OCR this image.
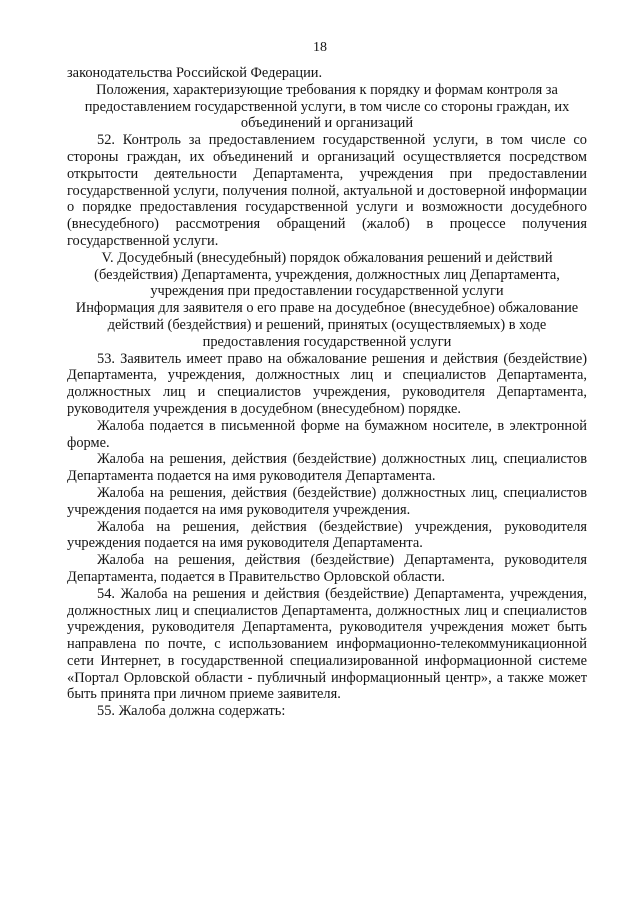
18

законодательства Российской Федерации.

Положения, характеризующие требования к порядку и формам контроля за предоставлением государственной услуги, в том числе со стороны граждан, их объединений и организаций

52. Контроль за предоставлением государственной услуги, в том числе со стороны граждан, их объединений и организаций осуществляется посредством открытости деятельности Департамента, учреждения при предоставлении государственной услуги, получения полной, актуальной и достоверной информации о порядке предоставления государственной услуги и возможности досудебного (внесудебного) рассмотрения обращений (жалоб) в процессе получения государственной услуги.

V. Досудебный (внесудебный) порядок обжалования решений и действий (бездействия) Департамента, учреждения, должностных лиц Департамента, учреждения при предоставлении государственной услуги

Информация для заявителя о его праве на досудебное (внесудебное) обжалование действий (бездействия) и решений, принятых (осуществляемых) в ходе предоставления государственной услуги

53. Заявитель имеет право на обжалование решения и действия (бездействие) Департамента, учреждения, должностных лиц и специалистов Департамента, должностных лиц и специалистов учреждения, руководителя Департамента, руководителя учреждения в досудебном (внесудебном) порядке.

Жалоба подается в письменной форме на бумажном носителе, в электронной форме.

Жалоба на решения, действия (бездействие) должностных лиц, специалистов Департамента подается на имя руководителя Департамента.

Жалоба на решения, действия (бездействие) должностных лиц, специалистов учреждения подается на имя руководителя учреждения.

Жалоба на решения, действия (бездействие) учреждения, руководителя учреждения подается на имя руководителя Департамента.

Жалоба на решения, действия (бездействие) Департамента, руководителя Департамента, подается в Правительство Орловской области.

54. Жалоба на решения и действия (бездействие) Департамента, учреждения, должностных лиц и специалистов Департамента, должностных лиц и специалистов учреждения, руководителя Департамента, руководителя учреждения может быть направлена по почте, с использованием информационно-телекоммуникационной сети Интернет, в государственной специализированной информационной системе «Портал Орловской области - публичный информационный центр», а также может быть принята при личном приеме заявителя.

55. Жалоба должна содержать:
